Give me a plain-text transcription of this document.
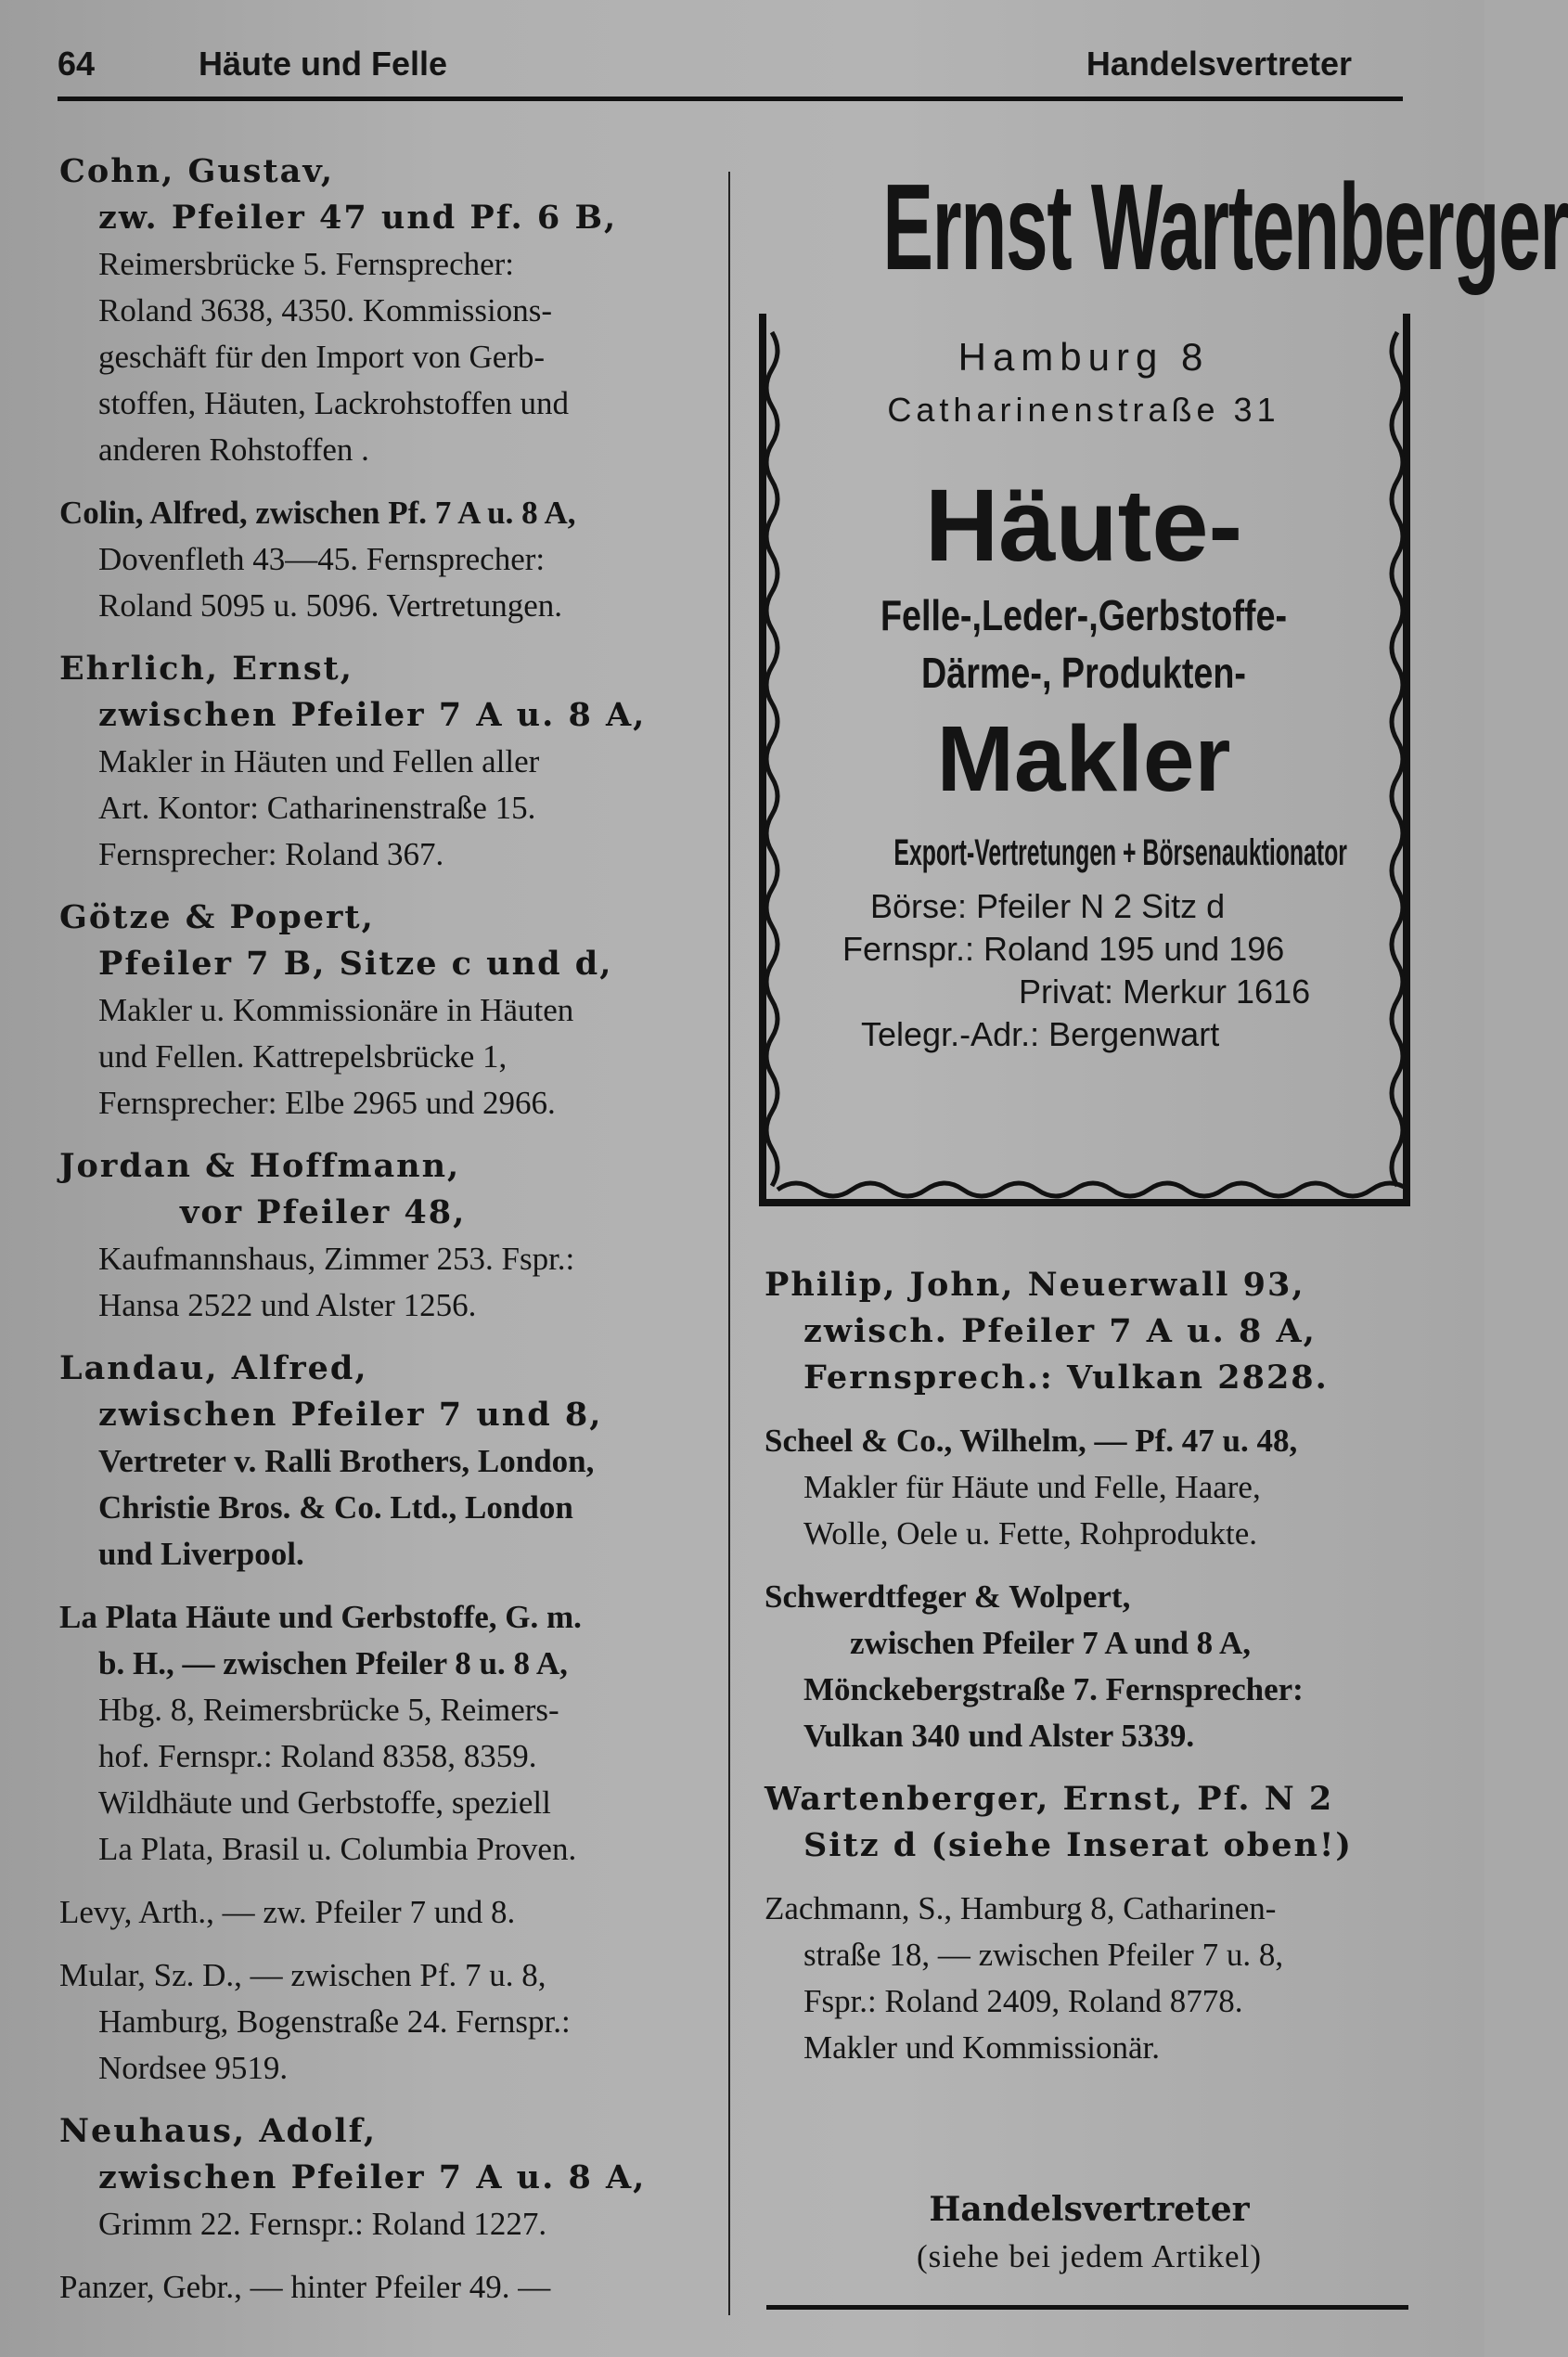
64	Häute und Felle	Handelsvertreter
Cohn, Gustav,
zw. Pfeiler 47 und Pf. 6 B,
Reimersbrücke 5. Fernsprecher:
Roland 3638, 4350. Kommissions-
geschäft für den Import von Gerb-
stoffen, Häuten, Lackrohstoffen und
anderen Rohstoffen .
Colin, Alfred, zwischen Pf. 7 A u. 8 A,
Dovenfleth 43—45. Fernsprecher:
Roland 5095 u. 5096. Vertretungen.
Ehrlich, Ernst,
zwischen Pfeiler 7 A u. 8 A,
Makler in Häuten und Fellen aller
Art. Kontor: Catharinenstraße 15.
Fernsprecher: Roland 367.
Götze & Popert,
Pfeiler 7 B, Sitze c und d,
Makler u. Kommissionäre in Häuten
und Fellen. Kattrepelsbrücke 1,
Fernsprecher: Elbe 2965 und 2966.
Jordan & Hoffmann,
vor Pfeiler 48,
Kaufmannshaus, Zimmer 253. Fspr.:
Hansa 2522 und Alster 1256.
Landau, Alfred,
zwischen Pfeiler 7 und 8,
Vertreter v. Ralli Brothers, London,
Christie Bros. & Co. Ltd., London
und Liverpool.
La Plata Häute und Gerbstoffe, G. m.
b. H., — zwischen Pfeiler 8 u. 8 A,
Hbg. 8, Reimersbrücke 5, Reimers-
hof. Fernspr.: Roland 8358, 8359.
Wildhäute und Gerbstoffe, speziell
La Plata, Brasil u. Columbia Proven.
Levy, Arth., — zw. Pfeiler 7 und 8.
Mular, Sz. D., — zwischen Pf. 7 u. 8,
Hamburg, Bogenstraße 24. Fernspr.:
Nordsee 9519.
Neuhaus, Adolf,
zwischen Pfeiler 7 A u. 8 A,
Grimm 22. Fernspr.: Roland 1227.
Panzer, Gebr., — hinter Pfeiler 49. —
Ernst Wartenberger
Hamburg 8
Catharinenstraße 31
Häute-
Felle-,Leder-,Gerbstoffe-
Därme-, Produkten-
Makler
Export-Vertretungen + Börsenauktionator
Börse: Pfeiler N 2 Sitz d
Fernspr.: Roland 195 und 196
Privat: Merkur 1616
Telegr.-Adr.: Bergenwart
Philip, John, Neuerwall 93,
zwisch. Pfeiler 7 A u. 8 A,
Fernsprech.: Vulkan 2828.
Scheel & Co., Wilhelm, — Pf. 47 u. 48,
Makler für Häute und Felle, Haare,
Wolle, Oele u. Fette, Rohprodukte.
Schwerdtfeger & Wolpert,
zwischen Pfeiler 7 A und 8 A,
Mönckebergstraße 7. Fernsprecher:
Vulkan 340 und Alster 5339.
Wartenberger, Ernst, Pf. N 2
Sitz d (siehe Inserat oben!)
Zachmann, S., Hamburg 8, Catharinen-
straße 18, — zwischen Pfeiler 7 u. 8,
Fspr.: Roland 2409, Roland 8778.
Makler und Kommissionär.
Handelsvertreter
(siehe bei jedem Artikel)
